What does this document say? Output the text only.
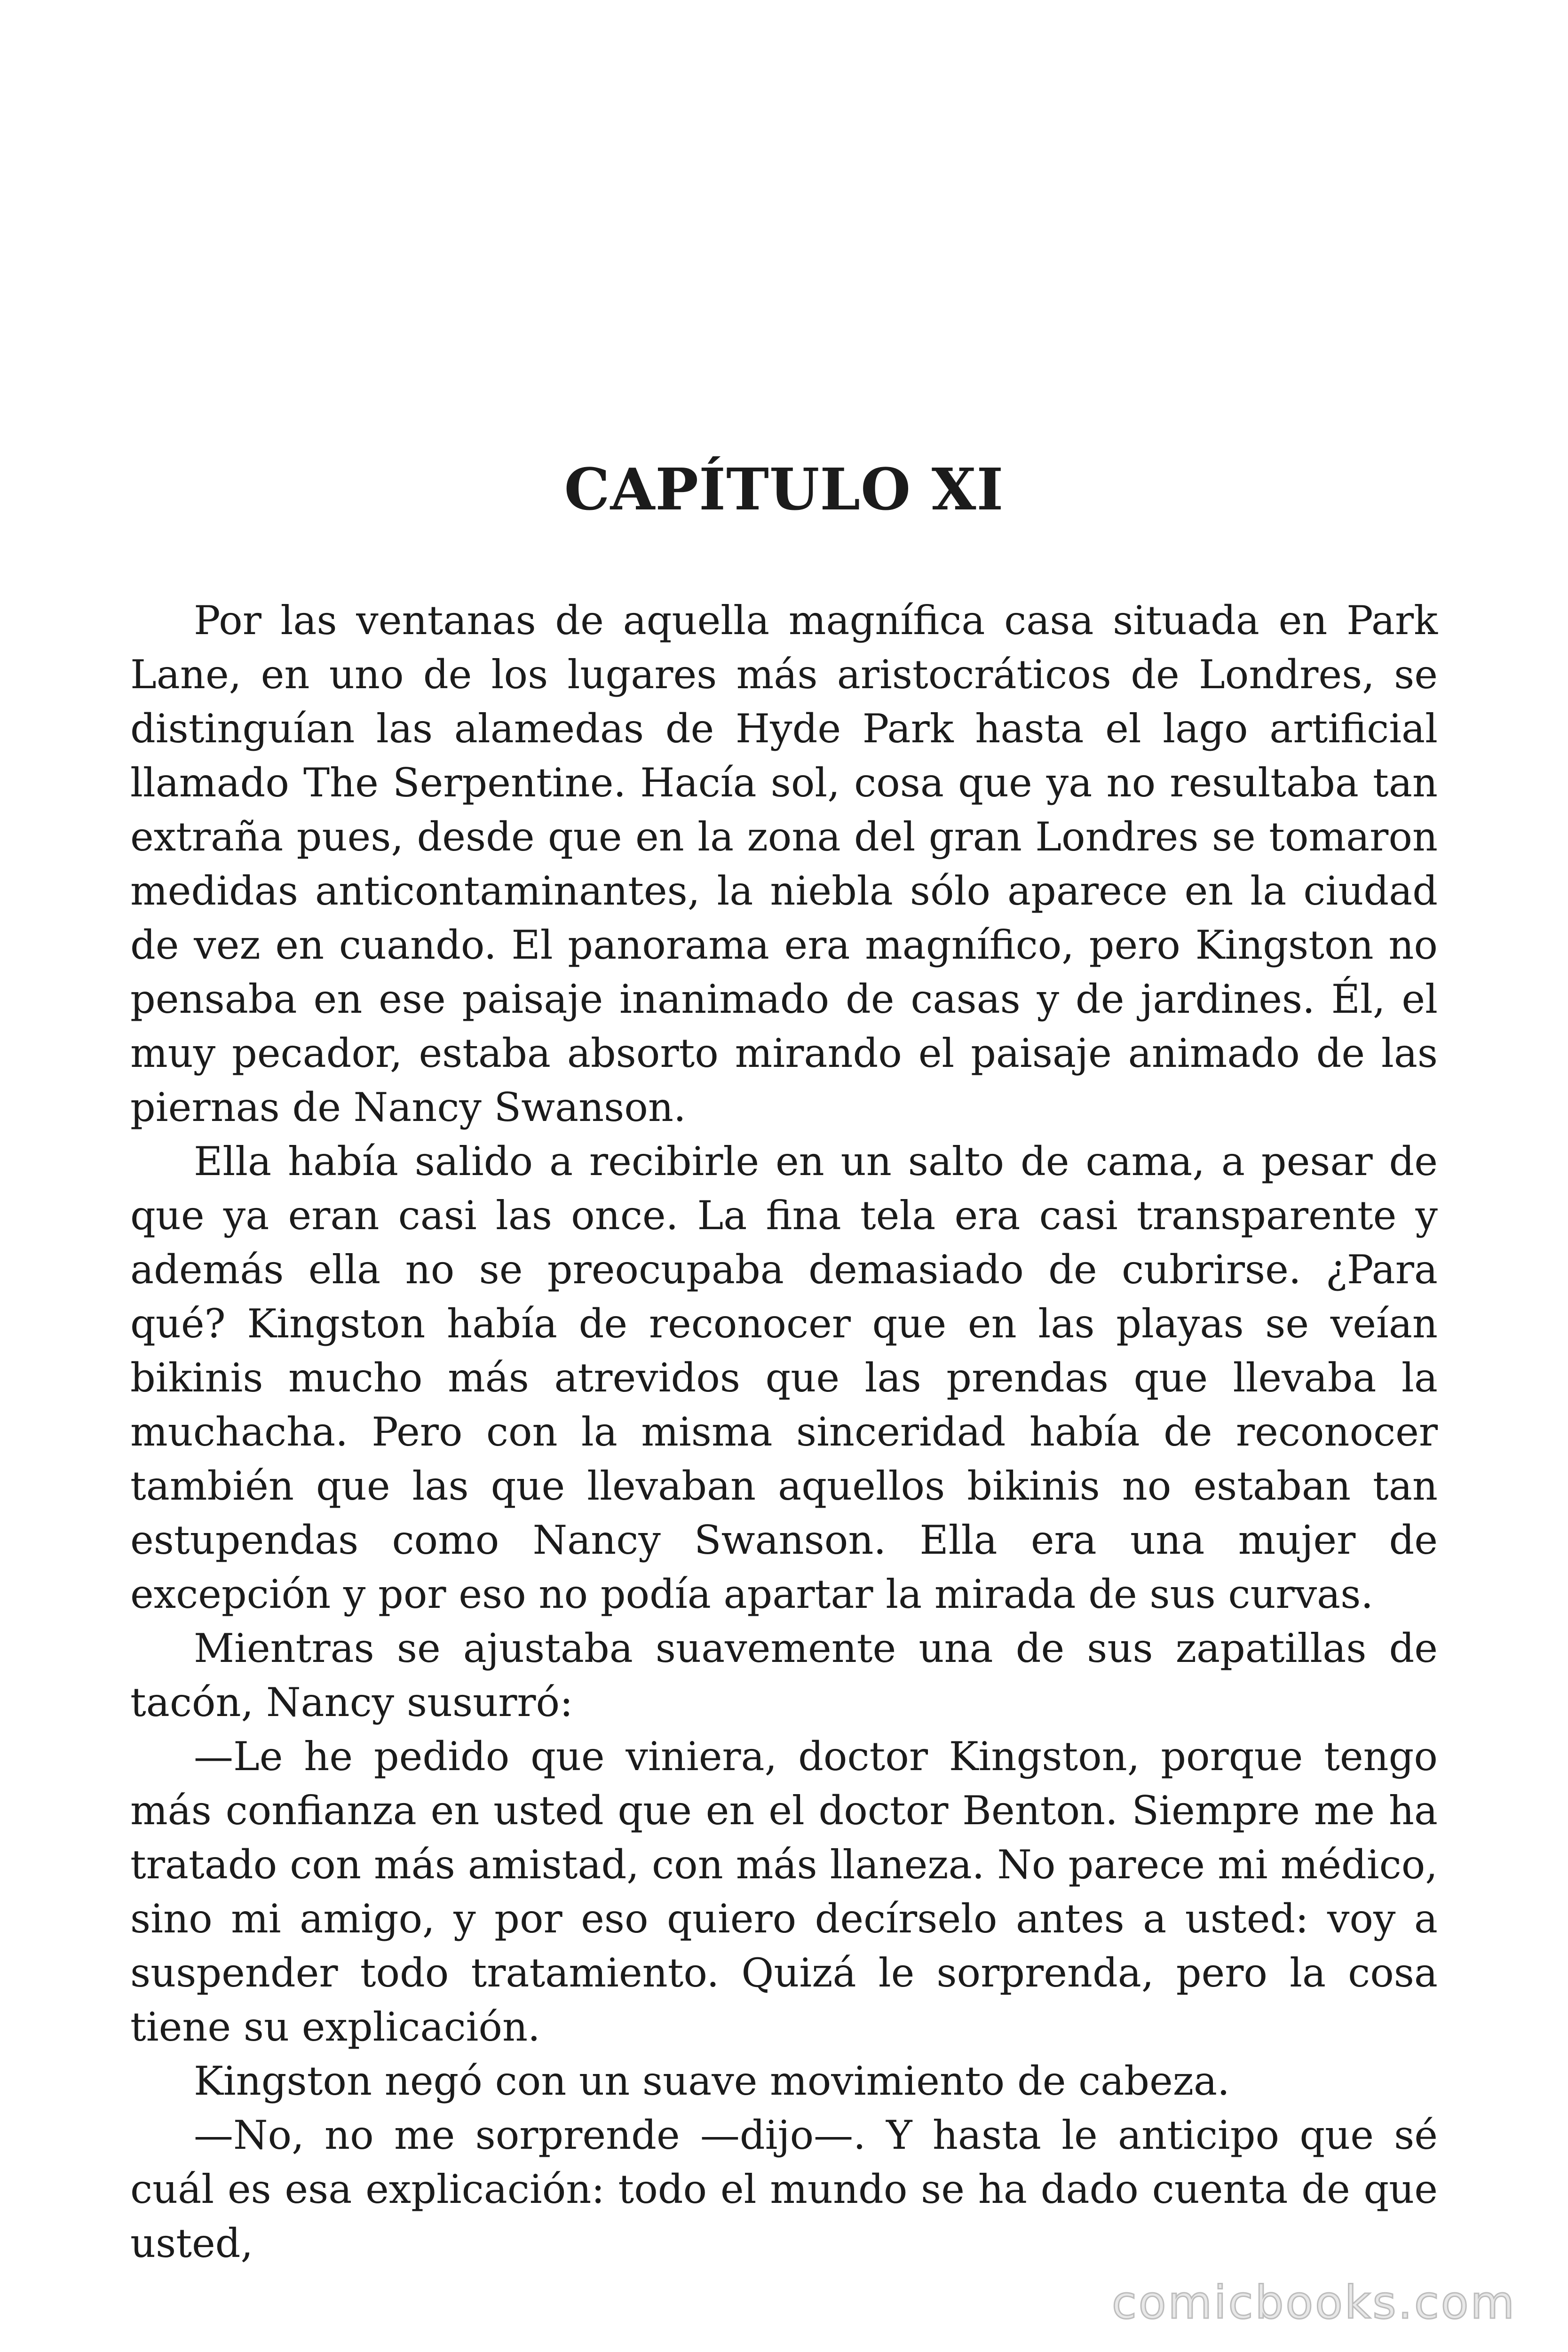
CAPÍTULO XI

Por las ventanas de aquella magnífica casa situada en Park Lane, en uno de los lugares más aristocráticos de Londres, se distinguían las alamedas de Hyde Park hasta el lago artificial llamado The Serpentine. Hacía sol, cosa que ya no resultaba tan extraña pues, desde que en la zona del gran Londres se tomaron medidas anticontaminantes, la niebla sólo aparece en la ciudad de vez en cuando. El panorama era magnífico, pero Kingston no pensaba en ese paisaje inanimado de casas y de jardines. Él, el muy pecador, estaba absorto mirando el paisaje animado de las piernas de Nancy Swanson.

Ella había salido a recibirle en un salto de cama, a pesar de que ya eran casi las once. La fina tela era casi transparente y además ella no se preocupaba demasiado de cubrirse. ¿Para qué? Kingston había de reconocer que en las playas se veían bikinis mucho más atrevidos que las prendas que llevaba la muchacha. Pero con la misma sinceridad había de reconocer también que las que llevaban aquellos bikinis no estaban tan estupendas como Nancy Swanson. Ella era una mujer de excepción y por eso no podía apartar la mirada de sus curvas.

Mientras se ajustaba suavemente una de sus zapatillas de tacón, Nancy susurró:

—Le he pedido que viniera, doctor Kingston, porque tengo más confianza en usted que en el doctor Benton. Siempre me ha tratado con más amistad, con más llaneza. No parece mi médico, sino mi amigo, y por eso quiero decírselo antes a usted: voy a suspender todo tratamiento. Quizá le sorprenda, pero la cosa tiene su explicación.

Kingston negó con un suave movimiento de cabeza.

—No, no me sorprende —dijo—. Y hasta le anticipo que sé cuál es esa explicación: todo el mundo se ha dado cuenta de que usted,

comicbooks.com
